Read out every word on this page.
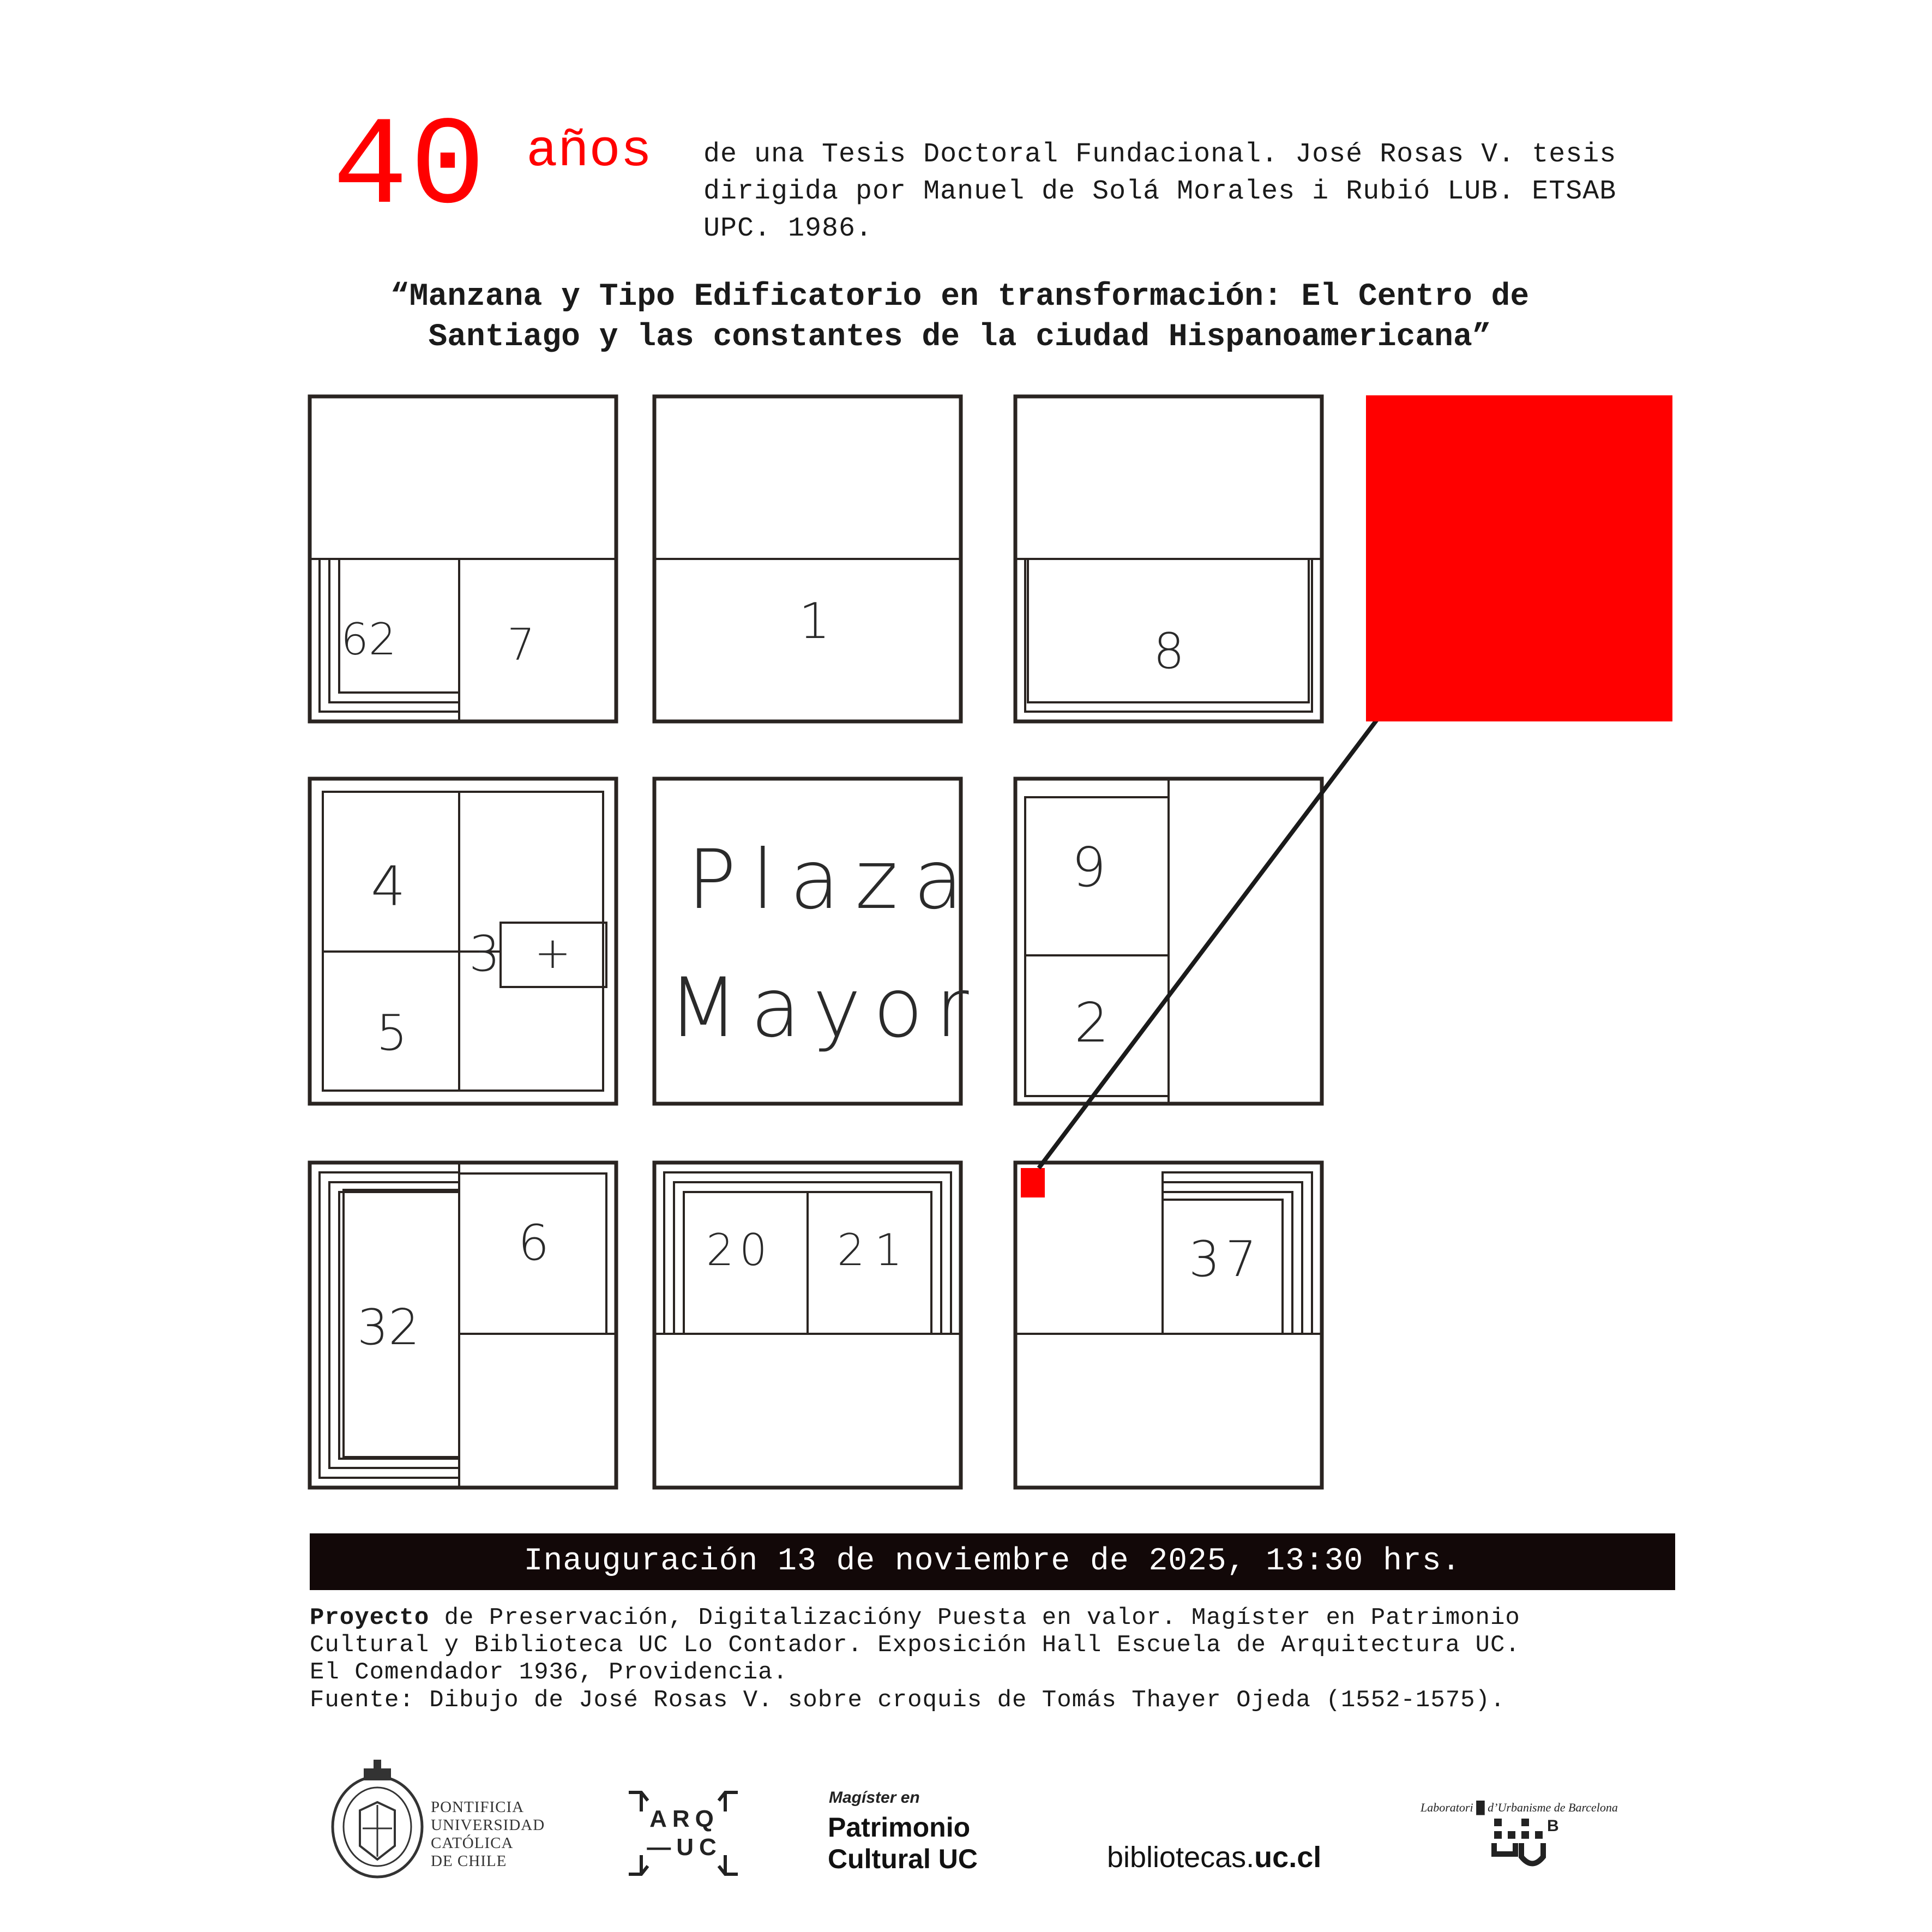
40 años de una Tesis Doctoral Fundacional. José Rosas V. tesis dirigida por Manuel de Solá Morales i Rubió LUB. ETSAB UPC. 1986.
“Manzana y Tipo Edificatorio en transformación: El Centro de
Santiago y las constantes de la ciudad Hispanoamericana”
62	7	1
8
4
5
3 +
Plaza
Mayor
9
2
32
6	20 21	37
Inauguración 13 de noviembre de 2025, 13:30 hrs.
Proyecto de Preservación, Digitalizacióny Puesta en valor. Magíster en Patrimonio
Cultural y Biblioteca UC Lo Contador. Exposición Hall Escuela de Arquitectura UC.
El Comendador 1936, Providencia.
Fuente: Dibujo de José Rosas V. sobre croquis de Tomás Thayer Ojeda (1552-1575).
PONTIFICIA
UNIVERSIDAD
CATÓLICA
DE CHILE
ARQ
—UC
Magíster en
Patrimonio
Cultural UC	bibliotecas.uc.cl
Laboratori █ d’Urbanisme de Barcelona
B
